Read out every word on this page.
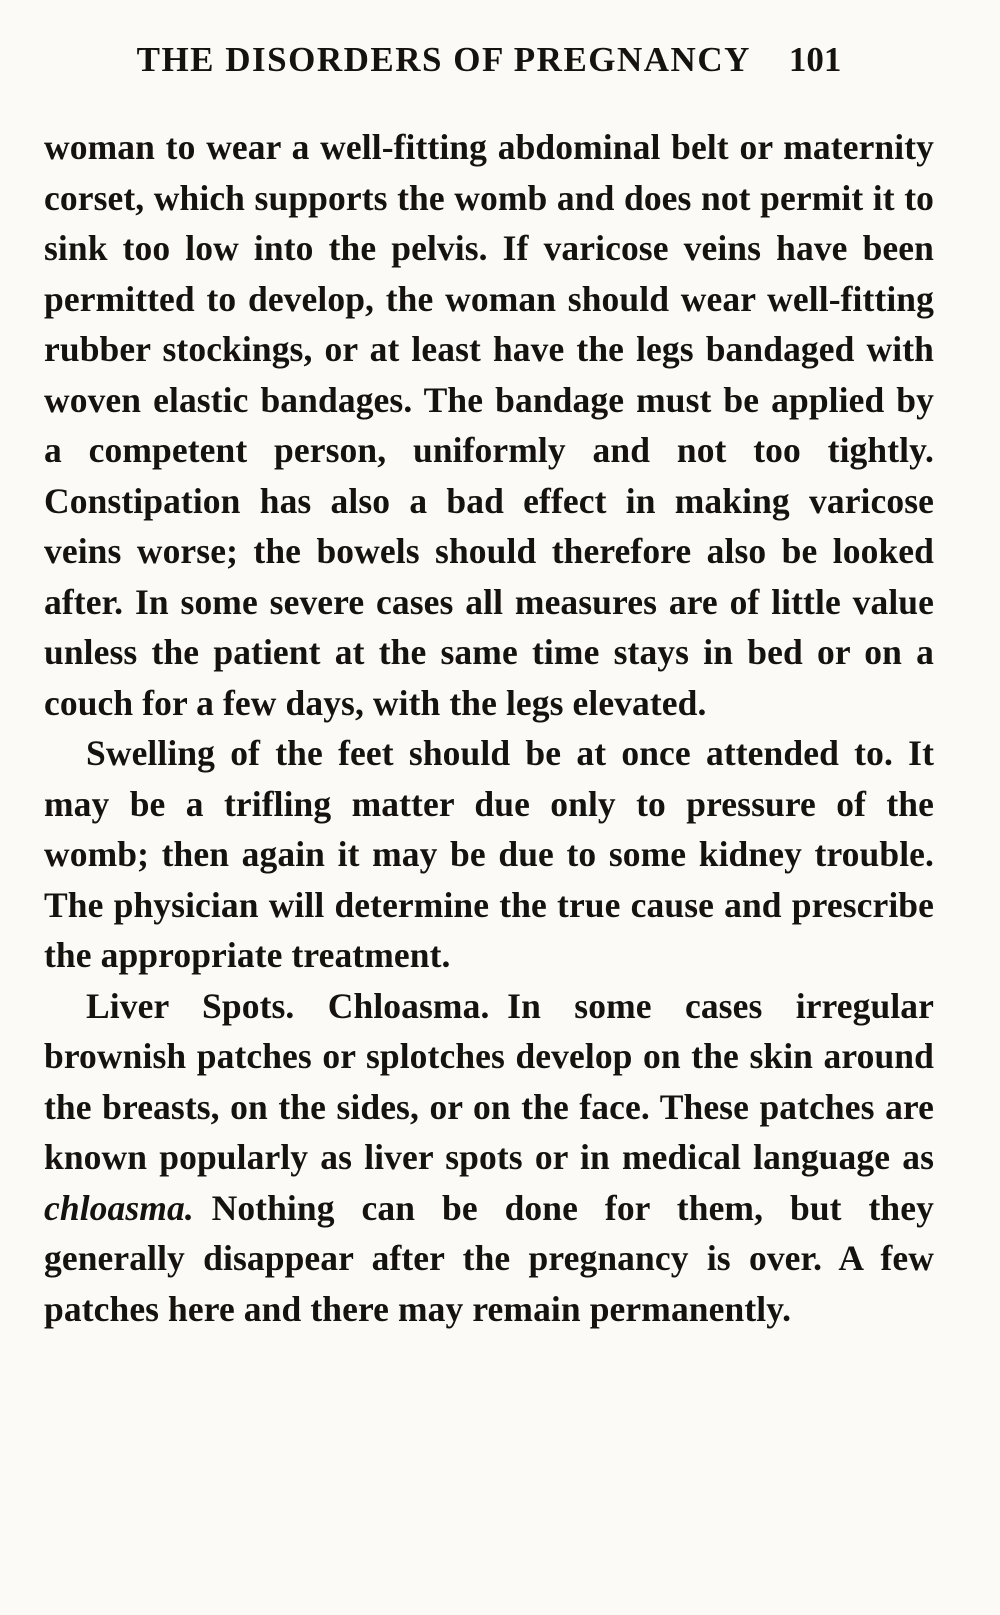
THE DISORDERS OF PREGNANCY 101

woman to wear a well-fitting abdominal belt or maternity corset, which supports the womb and does not permit it to sink too low into the pelvis. If varicose veins have been permitted to develop, the woman should wear well-fitting rubber stockings, or at least have the legs bandaged with woven elastic bandages. The bandage must be applied by a competent person, uniformly and not too tightly. Constipation has also a bad effect in making varicose veins worse; the bowels should therefore also be looked after. In some severe cases all measures are of little value unless the patient at the same time stays in bed or on a couch for a few days, with the legs elevated.

Swelling of the feet should be at once attended to. It may be a trifling matter due only to pressure of the womb; then again it may be due to some kidney trouble. The physician will determine the true cause and prescribe the appropriate treatment.

Liver Spots. Chloasma. In some cases irregular brownish patches or splotches develop on the skin around the breasts, on the sides, or on the face. These patches are known popularly as liver spots or in medical language as chloasma. Nothing can be done for them, but they generally disappear after the pregnancy is over. A few patches here and there may remain permanently.
